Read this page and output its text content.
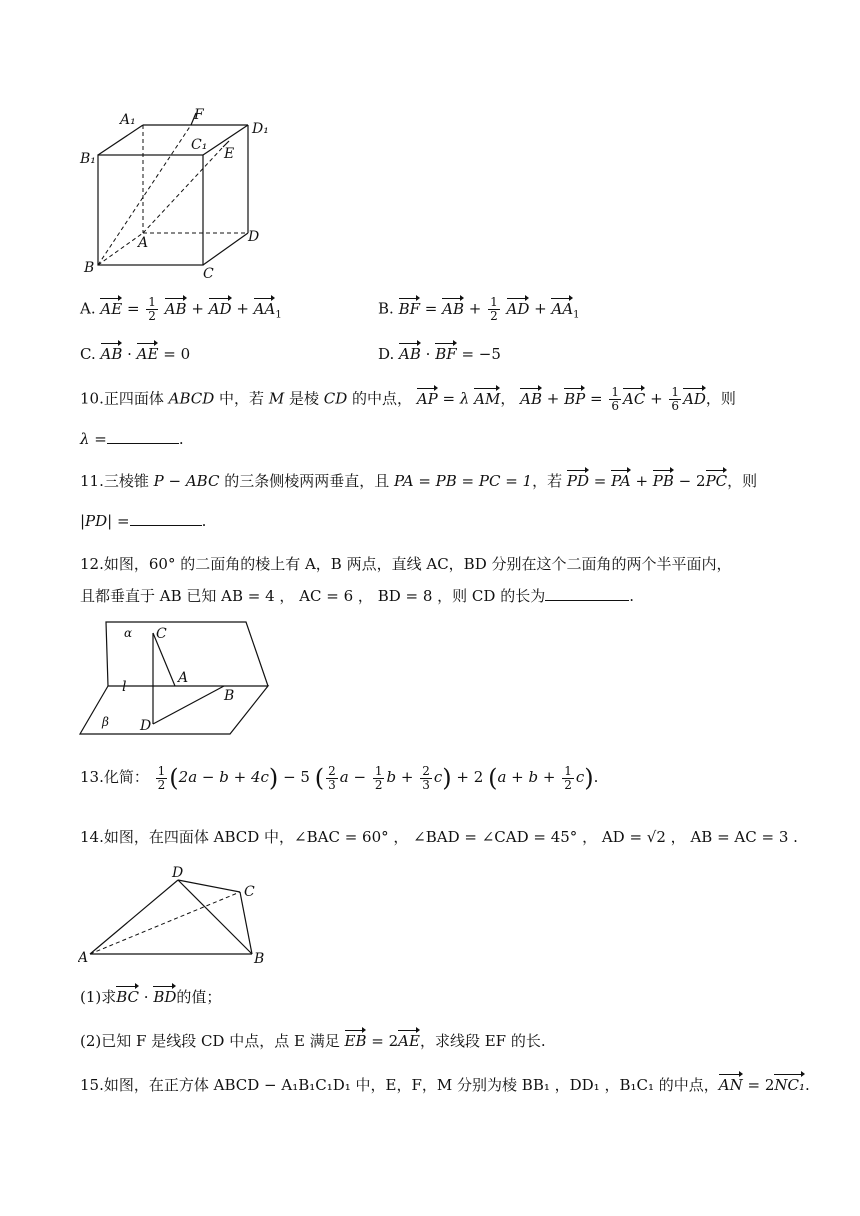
A₁	F
D₁
B₁
C₁
E
A	D
B	C
A. AE = $\frac{1}{2}$ AB + AD + $AA_1$	B. BF = AB + $\frac{1}{2}$ AD + $AA_1$
C. AB · AE = 0	D. AB · BF = −5
10.正四面体 ABCD 中，若 M 是棱 CD 的中点， AP = λ AM， AB + BP = $\frac{1}{6}$ AC + $\frac{1}{6}$ AD，则
λ =	.
11.三棱锥 P − ABC 的三条侧棱两两垂直，且 PA = PB = PC = 1，若 PD = PA + PB − 2PC，则
|PD| =	.
12.如图，60° 的二面角的棱上有 A，B 两点，直线 AC，BD 分别在这个二面角的两个半平面内，
且都垂直于 AB 已知 AB = 4 ， AC = 6 ， BD = 8 ，则 CD 的长为	.
α C
A
l
B
β D
13.化简： $\frac{1}{2} (2a - b + 4c) - 5$ ( $\frac{2}{3}$ $a - \frac{1}{2}$ $b + \frac{2}{3} c) + 2$ $(a + b + \frac{1}{2} c)$.
14.如图，在四面体 ABCD 中，∠BAC = 60° ， ∠BAD = ∠CAD = 45° ， AD = √2 ， AB = AC = 3 .
D
C
A	B
(1)求BC · BD的值；
(2)已知 F 是线段 CD 中点，点 E 满足 EB = 2AE，求线段 EF 的长.
15.如图，在正方体 ABCD − A₁B₁C₁D₁ 中，E，F，M 分别为棱 BB₁ ，DD₁ ，B₁C₁ 的中点，AN = 2NC₁.
